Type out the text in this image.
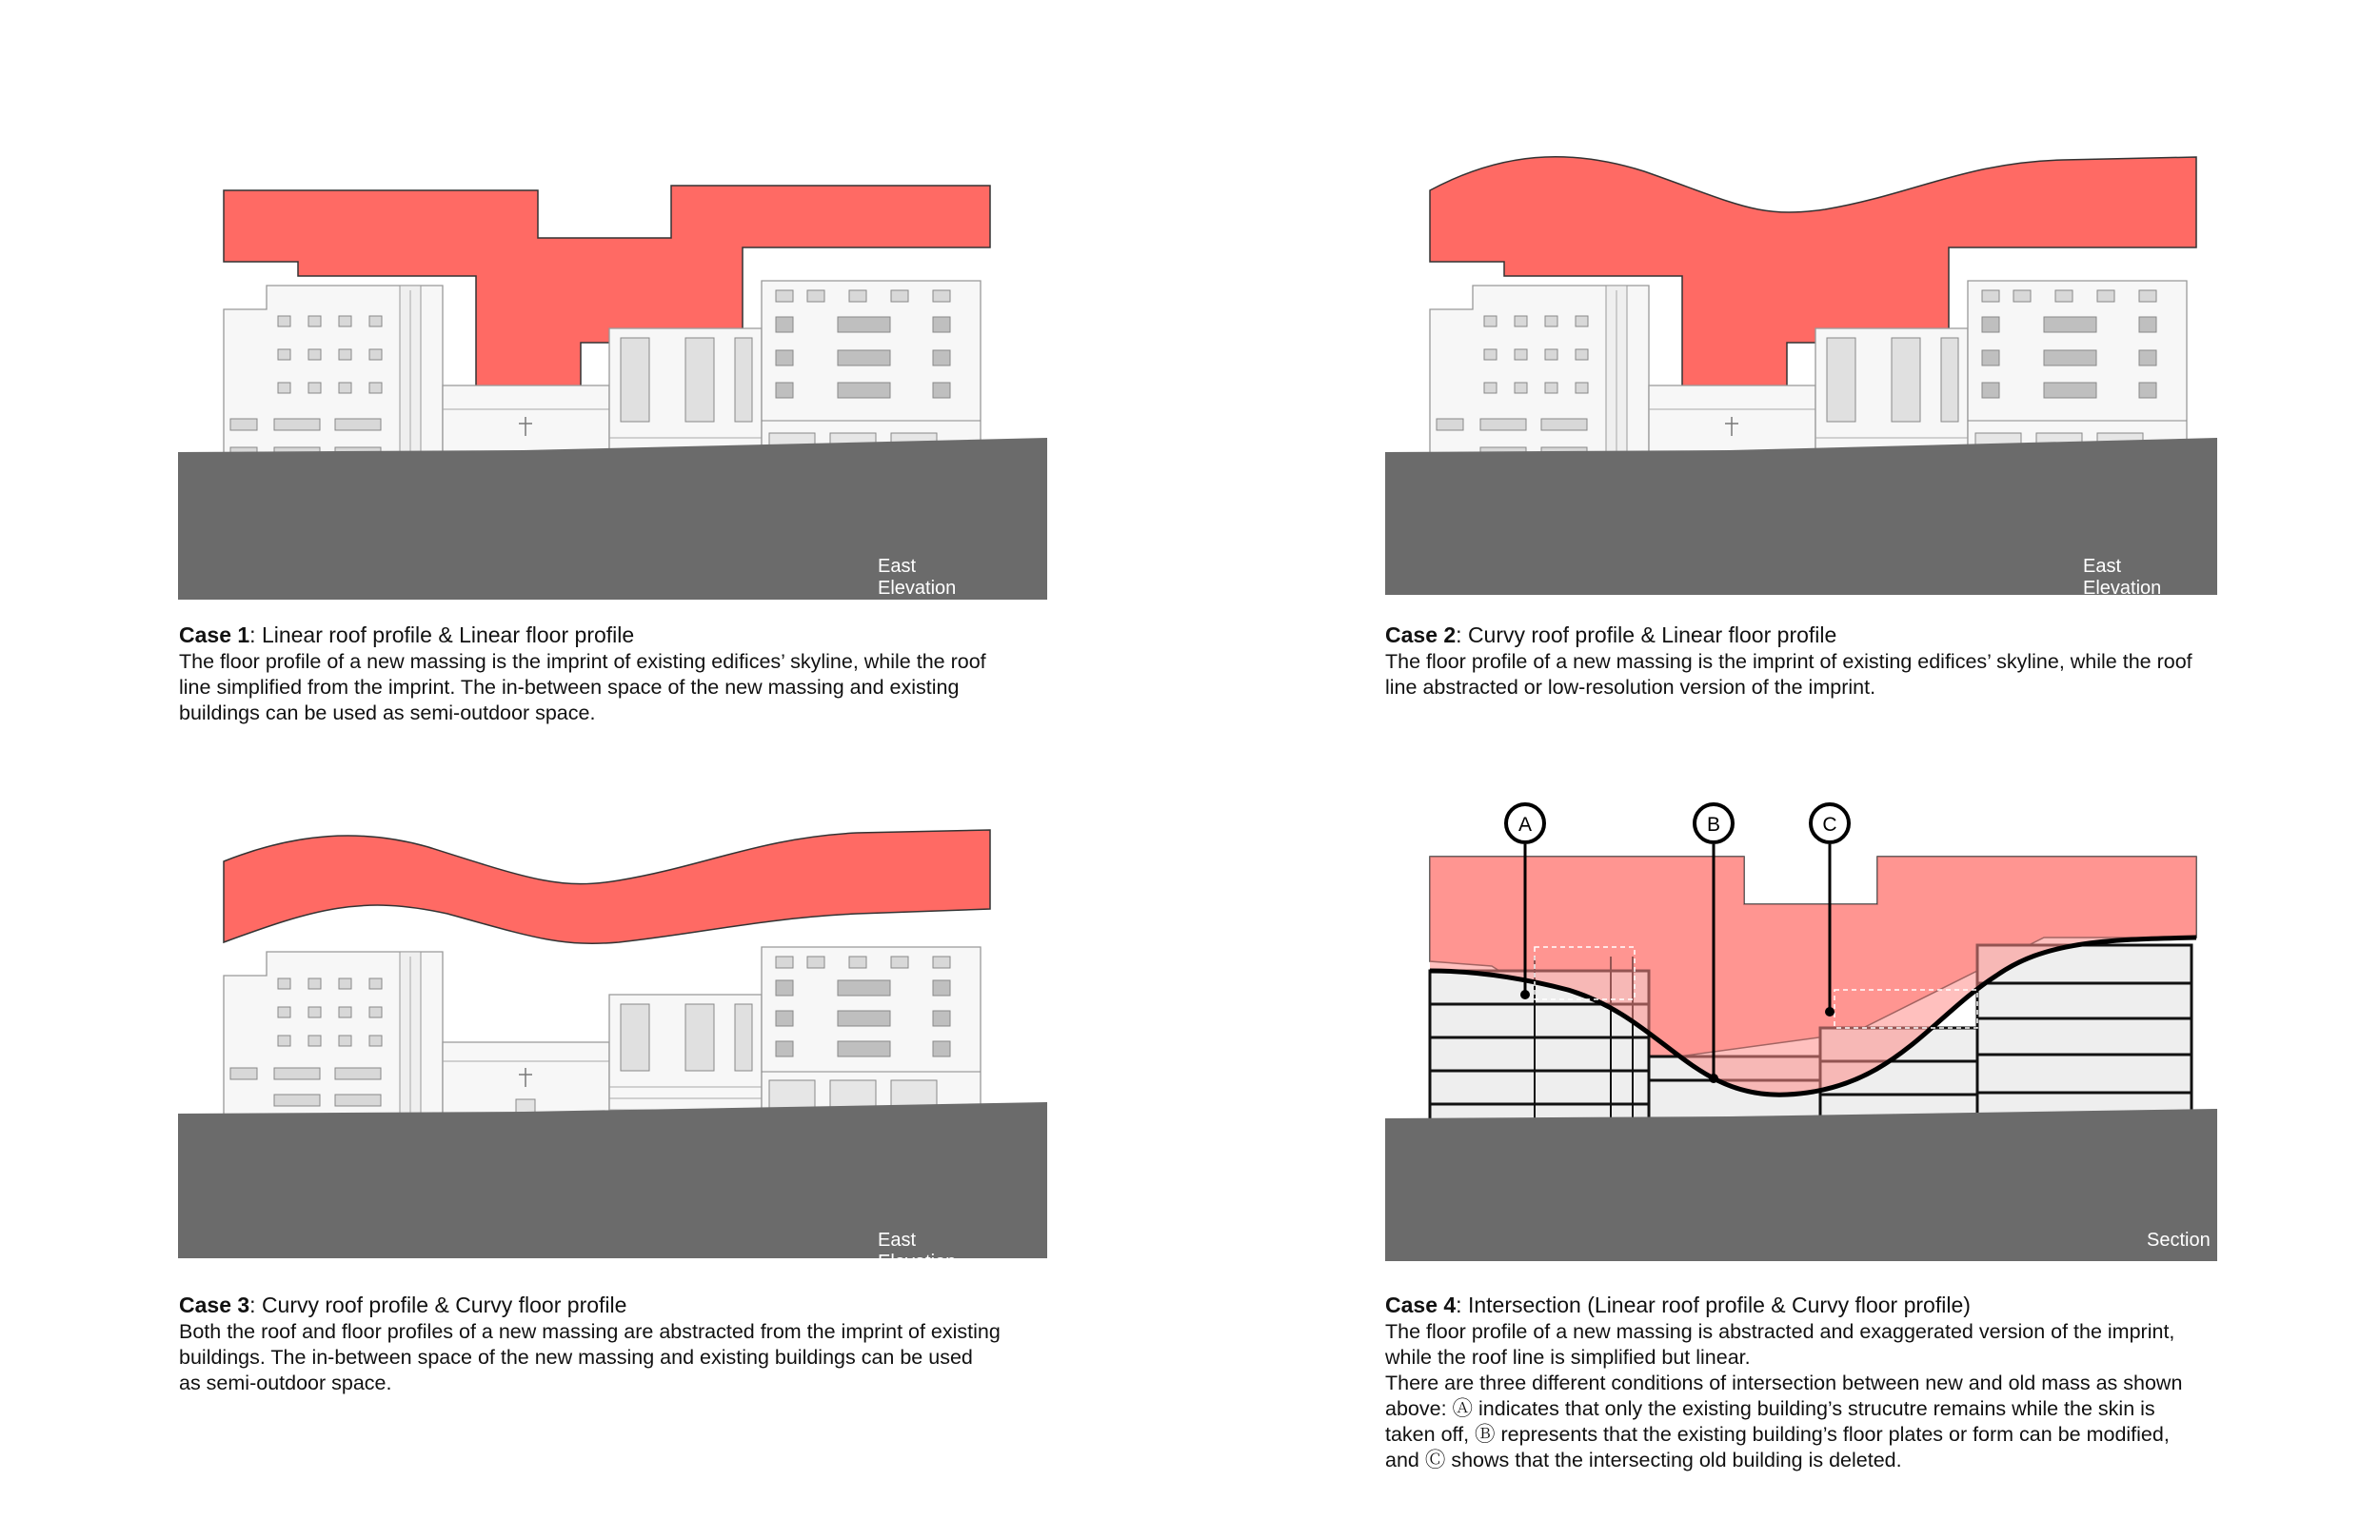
East Elevation
Case 1: Linear roof profile & Linear floor profile
The floor profile of a new massing is the imprint of existing edifices’ skyline, while the roof
line simplified from the imprint. The in-between space of the new massing and existing
buildings can be used as semi-outdoor space.
East Elevation
Case 2: Curvy roof profile & Linear floor profile
The floor profile of a new massing is the imprint of existing edifices’ skyline, while the roof
line abstracted or low-resolution version of the imprint.
East Elevation
Case 3: Curvy roof profile & Curvy floor profile
Both the roof and floor profiles of a new massing are abstracted from the imprint of existing
buildings. The in-between space of the new massing and existing buildings can be used
as semi-outdoor space.
A	B	C
Section
Case 4: Intersection (Linear roof profile & Curvy floor profile)
The floor profile of a new massing is abstracted and exaggerated version of the imprint,
while the roof line is simplified but linear.
There are three different conditions of intersection between new and old mass as shown
above: Ⓐ indicates that only the existing building’s strucutre remains while the skin is
taken off, Ⓑ represents that the existing building’s floor plates or form can be modified,
and Ⓒ shows that the intersecting old building is deleted.
